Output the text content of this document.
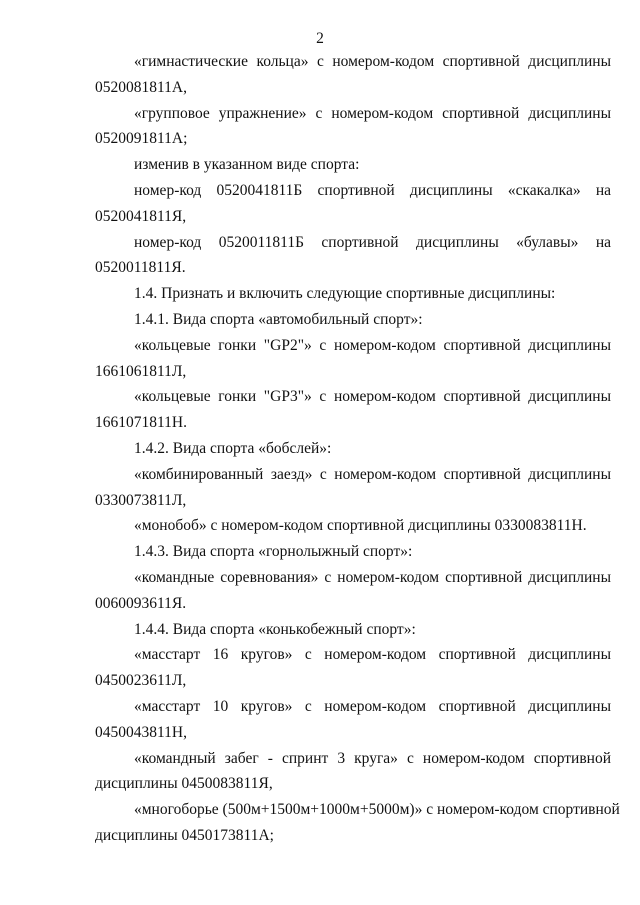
2
«гимнастические кольца» с номером-кодом спортивной дисциплины
0520081811А,
«групповое упражнение» с номером-кодом спортивной дисциплины
0520091811А;
изменив в указанном виде спорта:
номер-код 0520041811Б спортивной дисциплины «скакалка» на
0520041811Я,
номер-код 0520011811Б спортивной дисциплины «булавы» на
0520011811Я.
1.4. Признать и включить следующие спортивные дисциплины:
1.4.1. Вида спорта «автомобильный спорт»:
«кольцевые гонки "GP2"» с номером-кодом спортивной дисциплины
1661061811Л,
«кольцевые гонки "GP3"» с номером-кодом спортивной дисциплины
1661071811Н.
1.4.2. Вида спорта «бобслей»:
«комбинированный заезд» с номером-кодом спортивной дисциплины
0330073811Л,
«монобоб» с номером-кодом спортивной дисциплины 0330083811Н.
1.4.3. Вида спорта «горнолыжный спорт»:
«командные соревнования» с номером-кодом спортивной дисциплины
0060093611Я.
1.4.4. Вида спорта «конькобежный спорт»:
«масстарт 16 кругов» с номером-кодом спортивной дисциплины
0450023611Л,
«масстарт 10 кругов» с номером-кодом спортивной дисциплины
0450043811Н,
«командный забег - спринт 3 круга» с номером-кодом спортивной
дисциплины 0450083811Я,
«многоборье (500м+1500м+1000м+5000м)» с номером-кодом спортивной
дисциплины 0450173811А;
